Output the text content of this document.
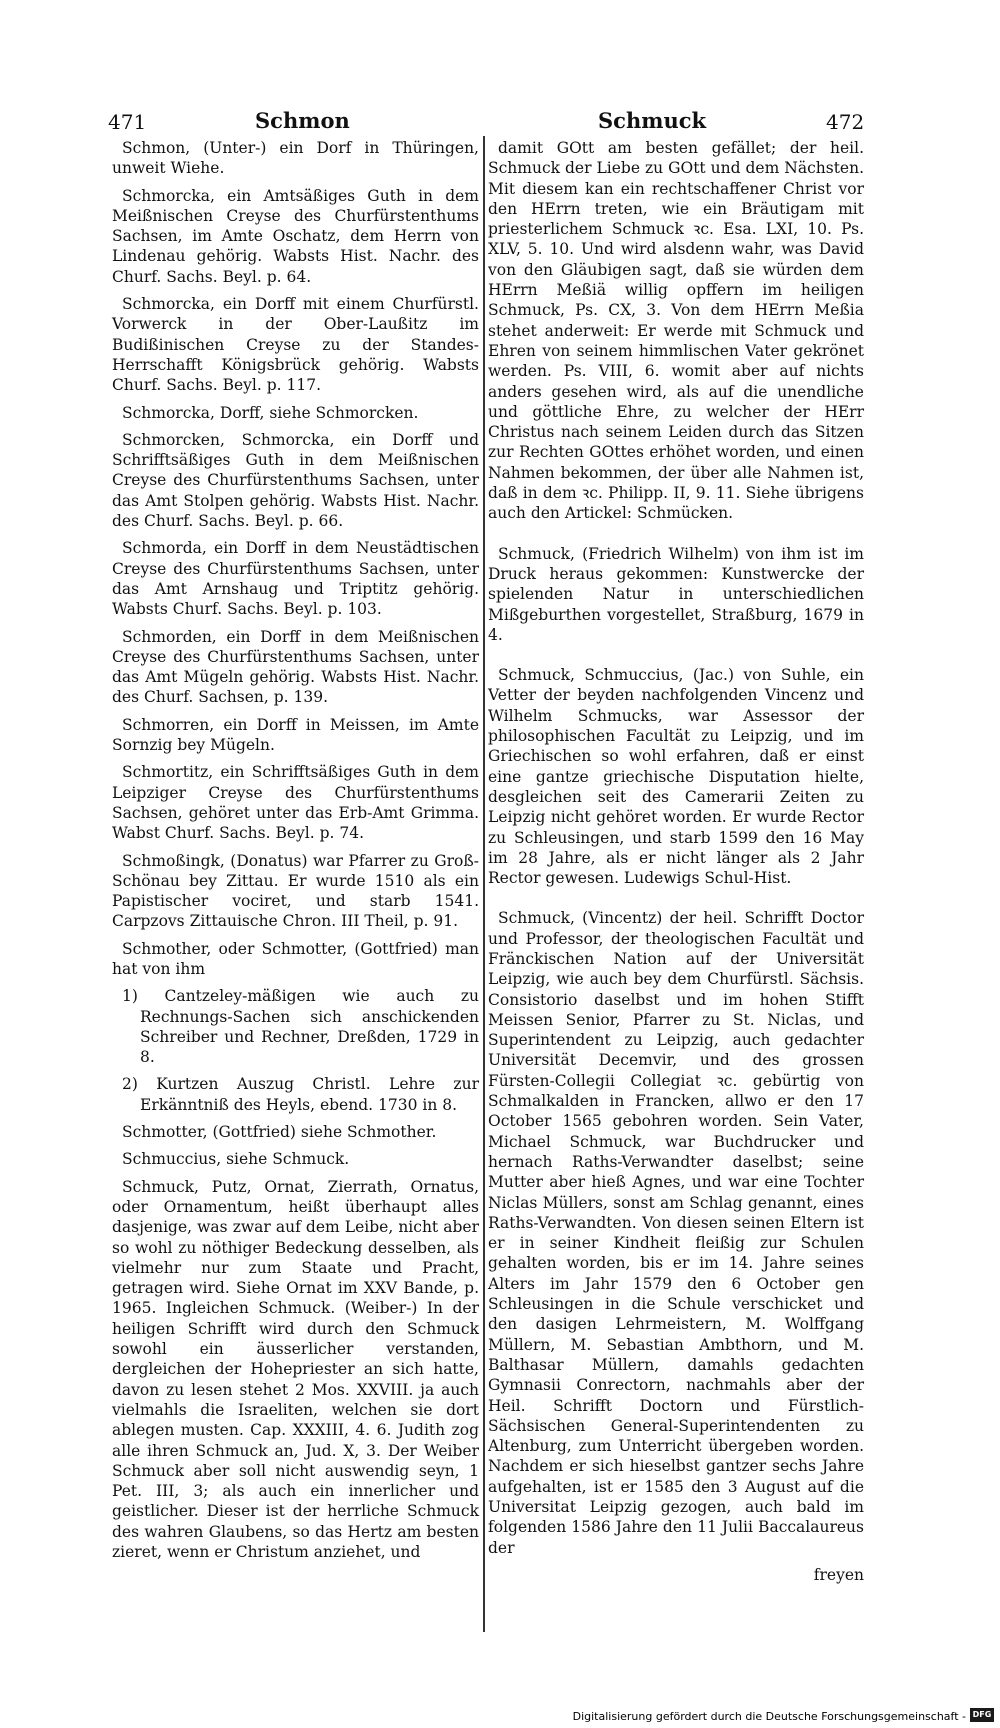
471	Schmon	Schmuck	472

Schmon, (Unter-) ein Dorf in Thüringen, unweit Wiehe.

Schmorcka, ein Amtsäßiges Guth in dem Meißnischen Creyse des Churfürstenthums Sachsen, im Amte Oschatz, dem Herrn von Lindenau gehörig. Wabsts Hist. Nachr. des Churf. Sachs. Beyl. p. 64.

Schmorcka, ein Dorff mit einem Churfürstl. Vorwerck in der Ober-Laußitz im Budißinischen Creyse zu der Standes-Herrschafft Königsbrück gehörig. Wabsts Churf. Sachs. Beyl. p. 117.

Schmorcka, Dorff, siehe Schmorcken.

Schmorcken, Schmorcka, ein Dorff und Schrifftsäßiges Guth in dem Meißnischen Creyse des Churfürstenthums Sachsen, unter das Amt Stolpen gehörig. Wabsts Hist. Nachr. des Churf. Sachs. Beyl. p. 66.

Schmorda, ein Dorff in dem Neustädtischen Creyse des Churfürstenthums Sachsen, unter das Amt Arnshaug und Triptitz gehörig. Wabsts Churf. Sachs. Beyl. p. 103.

Schmorden, ein Dorff in dem Meißnischen Creyse des Churfürstenthums Sachsen, unter das Amt Mügeln gehörig. Wabsts Hist. Nachr. des Churf. Sachsen, p. 139.

Schmorren, ein Dorff in Meissen, im Amte Sornzig bey Mügeln.

Schmortitz, ein Schrifftsäßiges Guth in dem Leipziger Creyse des Churfürstenthums Sachsen, gehöret unter das Erb-Amt Grimma. Wabst Churf. Sachs. Beyl. p. 74.

Schmoßingk, (Donatus) war Pfarrer zu Groß-Schönau bey Zittau. Er wurde 1510 als ein Papistischer vociret, und starb 1541. Carpzovs Zittauische Chron. III Theil, p. 91.

Schmother, oder Schmotter, (Gottfried) man hat von ihm

1) Cantzeley-mäßigen wie auch zu Rechnungs-Sachen sich anschickenden Schreiber und Rechner, Dreßden, 1729 in 8.

2) Kurtzen Auszug Christl. Lehre zur Erkänntniß des Heyls, ebend. 1730 in 8.

Schmotter, (Gottfried) siehe Schmother.

Schmuccius, siehe Schmuck.

Schmuck, Putz, Ornat, Zierrath, Ornatus, oder Ornamentum, heißt überhaupt alles dasjenige, was zwar auf dem Leibe, nicht aber so wohl zu nöthiger Bedeckung desselben, als vielmehr nur zum Staate und Pracht, getragen wird. Siehe Ornat im XXV Bande, p. 1965. Ingleichen Schmuck. (Weiber-) In der heiligen Schrifft wird durch den Schmuck sowohl ein äusserlicher verstanden, dergleichen der Hohepriester an sich hatte, davon zu lesen stehet 2 Mos. XXVIII. ja auch vielmahls die Israeliten, welchen sie dort ablegen musten. Cap. XXXIII, 4. 6. Judith zog alle ihren Schmuck an, Jud. X, 3. Der Weiber Schmuck aber soll nicht auswendig seyn, 1 Pet. III, 3; als auch ein innerlicher und geistlicher. Dieser ist der herrliche Schmuck des wahren Glaubens, so das Hertz am besten zieret, wenn er Christum anziehet, und

damit GOtt am besten gefället; der heil. Schmuck der Liebe zu GOtt und dem Nächsten. Mit diesem kan ein rechtschaffener Christ vor den HErrn treten, wie ein Bräutigam mit priesterlichem Schmuck ꝛc. Esa. LXI, 10. Ps. XLV, 5. 10. Und wird alsdenn wahr, was David von den Gläubigen sagt, daß sie würden dem HErrn Meßiä willig opffern im heiligen Schmuck, Ps. CX, 3. Von dem HErrn Meßia stehet anderweit: Er werde mit Schmuck und Ehren von seinem himmlischen Vater gekrönet werden. Ps. VIII, 6. womit aber auf nichts anders gesehen wird, als auf die unendliche und göttliche Ehre, zu welcher der HErr Christus nach seinem Leiden durch das Sitzen zur Rechten GOttes erhöhet worden, und einen Nahmen bekommen, der über alle Nahmen ist, daß in dem ꝛc. Philipp. II, 9. 11. Siehe übrigens auch den Artickel: Schmücken.

Schmuck, (Friedrich Wilhelm) von ihm ist im Druck heraus gekommen: Kunstwercke der spielenden Natur in unterschiedlichen Mißgeburthen vorgestellet, Straßburg, 1679 in 4.

Schmuck, Schmuccius, (Jac.) von Suhle, ein Vetter der beyden nachfolgenden Vincenz und Wilhelm Schmucks, war Assessor der philosophischen Facultät zu Leipzig, und im Griechischen so wohl erfahren, daß er einst eine gantze griechische Disputation hielte, desgleichen seit des Camerarii Zeiten zu Leipzig nicht gehöret worden. Er wurde Rector zu Schleusingen, und starb 1599 den 16 May im 28 Jahre, als er nicht länger als 2 Jahr Rector gewesen. Ludewigs Schul-Hist.

Schmuck, (Vincentz) der heil. Schrifft Doctor und Professor, der theologischen Facultät und Fränckischen Nation auf der Universität Leipzig, wie auch bey dem Churfürstl. Sächsis. Consistorio daselbst und im hohen Stifft Meissen Senior, Pfarrer zu St. Niclas, und Superintendent zu Leipzig, auch gedachter Universität Decemvir, und des grossen Fürsten-Collegii Collegiat ꝛc. gebürtig von Schmalkalden in Francken, allwo er den 17 October 1565 gebohren worden. Sein Vater, Michael Schmuck, war Buchdrucker und hernach Raths-Verwandter daselbst; seine Mutter aber hieß Agnes, und war eine Tochter Niclas Müllers, sonst am Schlag genannt, eines Raths-Verwandten. Von diesen seinen Eltern ist er in seiner Kindheit fleißig zur Schulen gehalten worden, bis er im 14. Jahre seines Alters im Jahr 1579 den 6 October gen Schleusingen in die Schule verschicket und den dasigen Lehrmeistern, M. Wolffgang Müllern, M. Sebastian Ambthorn, und M. Balthasar Müllern, damahls gedachten Gymnasii Conrectorn, nachmahls aber der Heil. Schrifft Doctorn und Fürstlich-Sächsischen General-Superintendenten zu Altenburg, zum Unterricht übergeben worden. Nachdem er sich hieselbst gantzer sechs Jahre aufgehalten, ist er 1585 den 3 August auf die Universitat Leipzig gezogen, auch bald im folgenden 1586 Jahre den 11 Julii Baccalaureus der

freyen

Digitalisierung gefördert durch die Deutsche Forschungsgemeinschaft - DFG
